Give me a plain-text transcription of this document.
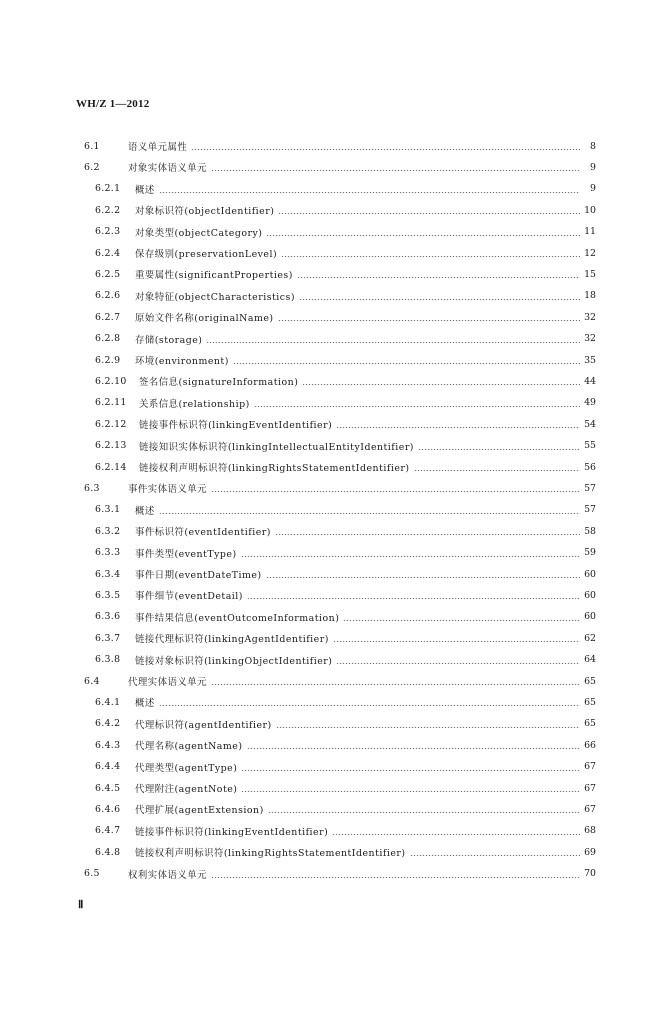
WH/Z 1—2012
6.1	语义单元属性	8
6.2	对象实体语义单元	9
6.2.1	概述	9
6.2.2	对象标识符(objectIdentifier)	10
6.2.3	对象类型(objectCategory)	11
6.2.4	保存级别(preservationLevel)	12
6.2.5	重要属性(significantProperties)	15
6.2.6	对象特征(objectCharacteristics)	18
6.2.7	原始文件名称(originalName)	32
6.2.8	存储(storage)	32
6.2.9	环境(environment)	35
6.2.10	签名信息(signatureInformation)	44
6.2.11	关系信息(relationship)	49
6.2.12	链接事件标识符(linkingEventIdentifier)	54
6.2.13	链接知识实体标识符(linkingIntellectualEntityIdentifier)	55
6.2.14	链接权利声明标识符(linkingRightsStatementIdentifier)	56
6.3	事件实体语义单元	57
6.3.1	概述	57
6.3.2	事件标识符(eventIdentifier)	58
6.3.3	事件类型(eventType)	59
6.3.4	事件日期(eventDateTime)	60
6.3.5	事件细节(eventDetail)	60
6.3.6	事件结果信息(eventOutcomeInformation)	60
6.3.7	链接代理标识符(linkingAgentIdentifier)	62
6.3.8	链接对象标识符(linkingObjectIdentifier)	64
6.4	代理实体语义单元	65
6.4.1	概述	65
6.4.2	代理标识符(agentIdentifier)	65
6.4.3	代理名称(agentName)	66
6.4.4	代理类型(agentType)	67
6.4.5	代理附注(agentNote)	67
6.4.6	代理扩展(agentExtension)	67
6.4.7	链接事件标识符(linkingEventIdentifier)	68
6.4.8	链接权利声明标识符(linkingRightsStatementIdentifier)	69
6.5	权利实体语义单元	70
Ⅱ
